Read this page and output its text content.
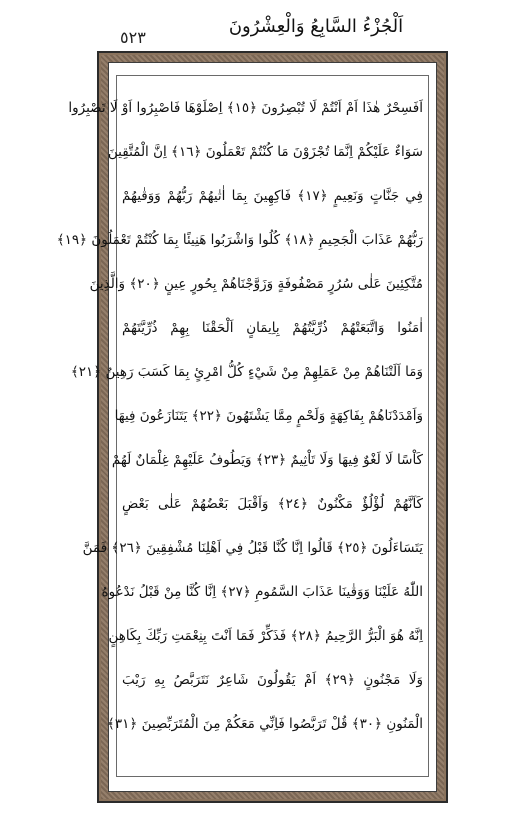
٥٢٣
اَلْجُزْءُ السَّابِعُ وَالْعِشْرُونَ
اَفَسِحْرٌ هٰذَا اَمْ اَنْتُمْ لَا تُبْصِرُونَ ﴿١٥﴾ اِصْلَوْهَا فَاصْبِرُوا اَوْ لَا تَصْبِرُوا
سَوَاءٌ عَلَيْكُمْ اِنَّمَا تُجْزَوْنَ مَا كُنْتُمْ تَعْمَلُونَ ﴿١٦﴾ اِنَّ الْمُتَّقِينَ
فِي جَنَّاتٍ وَنَعِيمٍ ﴿١٧﴾ فَاكِهِينَ بِمَا اٰتٰيهُمْ رَبُّهُمْ وَوَقٰيهُمْ
رَبُّهُمْ عَذَابَ الْجَحِيمِ ﴿١٨﴾ كُلُوا وَاشْرَبُوا هَنِيئًا بِمَا كُنْتُمْ تَعْمَلُونَ ﴿١٩﴾
مُتَّكِئِينَ عَلٰى سُرُرٍ مَصْفُوفَةٍ وَزَوَّجْنَاهُمْ بِحُورٍ عِينٍ ﴿٢٠﴾ وَالَّذِينَ
اٰمَنُوا وَاتَّبَعَتْهُمْ ذُرِّيَّتُهُمْ بِاِيمَانٍ اَلْحَقْنَا بِهِمْ ذُرِّيَّتَهُمْ
وَمَا اَلَتْنَاهُمْ مِنْ عَمَلِهِمْ مِنْ شَيْءٍ كُلُّ امْرِئٍ بِمَا كَسَبَ رَهِينٌ ﴿٢١﴾
وَاَمْدَدْنَاهُمْ بِفَاكِهَةٍ وَلَحْمٍ مِمَّا يَشْتَهُونَ ﴿٢٢﴾ يَتَنَازَعُونَ فِيهَا
كَاْسًا لَا لَغْوٌ فِيهَا وَلَا تَاْثِيمٌ ﴿٢٣﴾ وَيَطُوفُ عَلَيْهِمْ غِلْمَانٌ لَهُمْ
كَاَنَّهُمْ لُؤْلُؤٌ مَكْنُونٌ ﴿٢٤﴾ وَاَقْبَلَ بَعْضُهُمْ عَلٰى بَعْضٍ
يَتَسَاءَلُونَ ﴿٢٥﴾ قَالُوا اِنَّا كُنَّا قَبْلُ فِي اَهْلِنَا مُشْفِقِينَ ﴿٢٦﴾ فَمَنَّ
اللّٰهُ عَلَيْنَا وَوَقٰينَا عَذَابَ السَّمُومِ ﴿٢٧﴾ اِنَّا كُنَّا مِنْ قَبْلُ نَدْعُوهُ
اِنَّهُ هُوَ الْبَرُّ الرَّحِيمُ ﴿٢٨﴾ فَذَكِّرْ فَمَا اَنْتَ بِنِعْمَتِ رَبِّكَ بِكَاهِنٍ
وَلَا مَجْنُونٍ ﴿٢٩﴾ اَمْ يَقُولُونَ شَاعِرٌ نَتَرَبَّصُ بِهِ رَيْبَ
الْمَنُونِ ﴿٣٠﴾ قُلْ تَرَبَّصُوا فَاِنِّي مَعَكُمْ مِنَ الْمُتَرَبِّصِينَ ﴿٣١﴾
